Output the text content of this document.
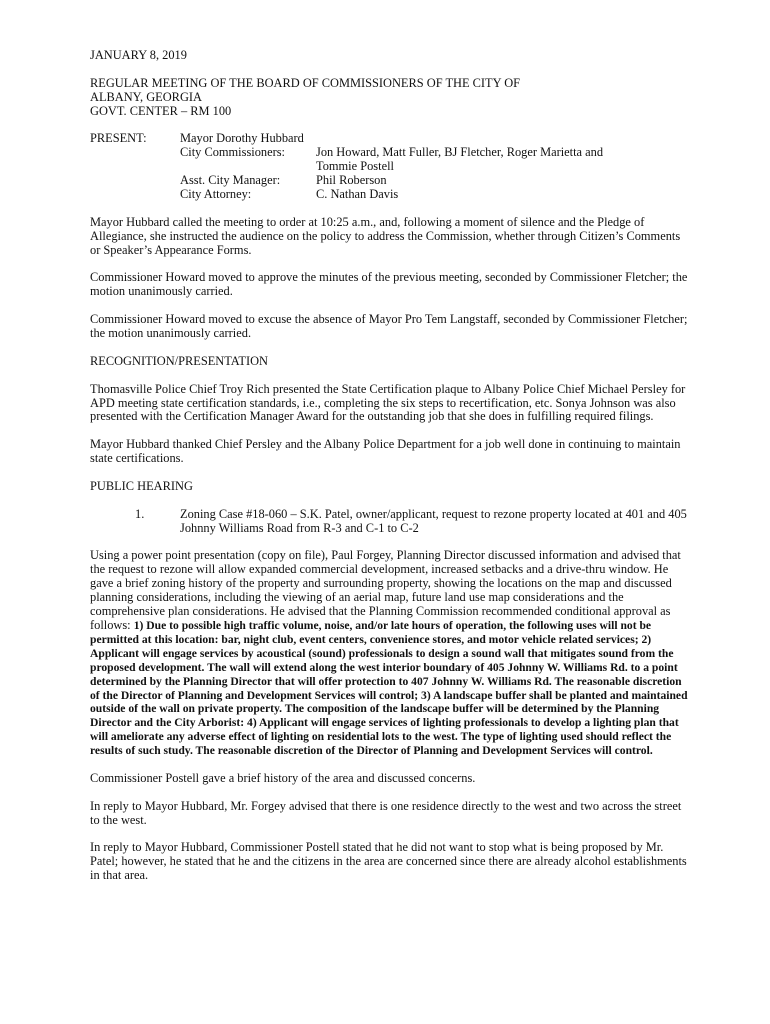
JANUARY 8, 2019

REGULAR MEETING OF THE BOARD OF COMMISSIONERS OF THE CITY OF

ALBANY, GEORGIA

GOVT. CENTER – RM 100

PRESENT:	Mayor Dorothy Hubbard
City Commissioners:	Jon Howard, Matt Fuller, BJ Fletcher, Roger Marietta and
Tommie Postell
Asst. City Manager:	Phil Roberson
City Attorney:	C. Nathan Davis

Mayor Hubbard called the meeting to order at 10:25 a.m., and, following a moment of silence and the Pledge of Allegiance, she instructed the audience on the policy to address the Commission, whether through Citizen’s Comments or Speaker’s Appearance Forms.

Commissioner Howard moved to approve the minutes of the previous meeting, seconded by Commissioner Fletcher; the motion unanimously carried.

Commissioner Howard moved to excuse the absence of Mayor Pro Tem Langstaff, seconded by Commissioner Fletcher; the motion unanimously carried.

RECOGNITION/PRESENTATION

Thomasville Police Chief Troy Rich presented the State Certification plaque to Albany Police Chief Michael Persley for APD meeting state certification standards, i.e., completing the six steps to recertification, etc. Sonya Johnson was also presented with the Certification Manager Award for the outstanding job that she does in fulfilling required filings.

Mayor Hubbard thanked Chief Persley and the Albany Police Department for a job well done in continuing to maintain state certifications.

PUBLIC HEARING

1.	Zoning Case #18-060 – S.K. Patel, owner/applicant, request to rezone property located at 401 and 405 Johnny Williams Road from R-3 and C-1 to C-2

Using a power point presentation (copy on file), Paul Forgey, Planning Director discussed information and advised that the request to rezone will allow expanded commercial development, increased setbacks and a drive-thru window. He gave a brief zoning history of the property and surrounding property, showing the locations on the map and discussed planning considerations, including the viewing of an aerial map, future land use map considerations and the comprehensive plan considerations. He advised that the Planning Commission recommended conditional approval as follows: 1) Due to possible high traffic volume, noise, and/or late hours of operation, the following uses will not be permitted at this location: bar, night club, event centers, convenience stores, and motor vehicle related services; 2) Applicant will engage services by acoustical (sound) professionals to design a sound wall that mitigates sound from the proposed development. The wall will extend along the west interior boundary of 405 Johnny W. Williams Rd. to a point determined by the Planning Director that will offer protection to 407 Johnny W. Williams Rd. The reasonable discretion of the Director of Planning and Development Services will control; 3) A landscape buffer shall be planted and maintained outside of the wall on private property. The composition of the landscape buffer will be determined by the Planning Director and the City Arborist: 4) Applicant will engage services of lighting professionals to develop a lighting plan that will ameliorate any adverse effect of lighting on residential lots to the west. The type of lighting used should reflect the results of such study. The reasonable discretion of the Director of Planning and Development Services will control.

Commissioner Postell gave a brief history of the area and discussed concerns.

In reply to Mayor Hubbard, Mr. Forgey advised that there is one residence directly to the west and two across the street to the west.

In reply to Mayor Hubbard, Commissioner Postell stated that he did not want to stop what is being proposed by Mr. Patel; however, he stated that he and the citizens in the area are concerned since there are already alcohol establishments in that area.
